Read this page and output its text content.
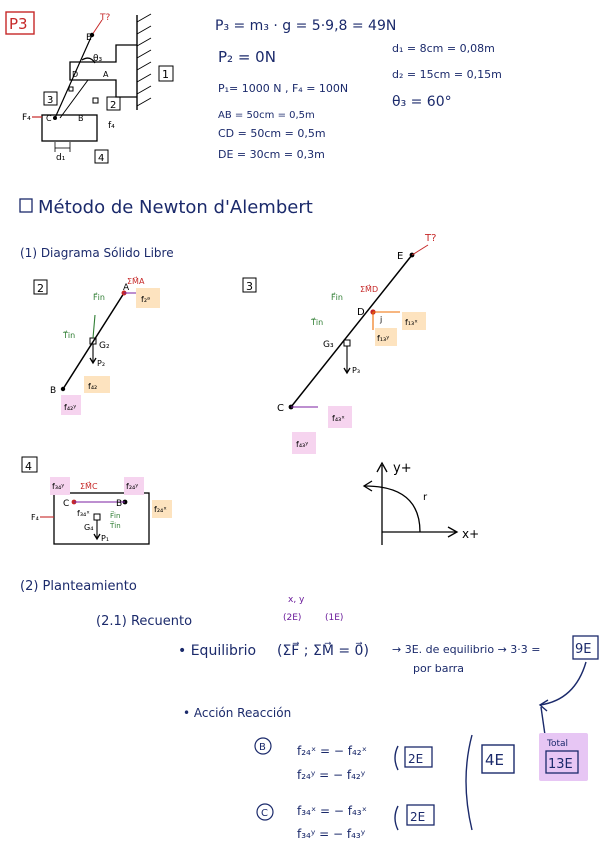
P3
E
T?
D	A
B
C
θ₃
F₄
d₁
f₄
1
2
3
4
P₃ = m₃ · g = 5·9,8 = 49N
P₂ = 0N
P₁= 1000 N , F₄ = 100N
AB = 50cm = 0,5m
CD = 50cm = 0,5m
DE = 30cm = 0,3m
d₁ = 8cm = 0,08m
d₂ = 15cm = 0,15m
θ₃ = 60°
Método de Newton d'Alembert
(1) Diagrama Sólido Libre
2	A
B
G₂
P₂
F⃗in
T⃗in
ΣM⃗A
f₂ᵃ
f₄₂
f₄₂ʸ
3
E
D
C
G₃
P₃
T?
F⃗in
T⃗in
ΣM⃗D
f₁₃ˣ
f₁₃ʸ
j
f₄₃ˣ
f₄₃ʸ
4
C	B
G₄
P₁
F₄
ΣM⃗C
F⃗in
T⃗in
f₃₄ʸ	f₂₄ʸ
f₂₄ˣ
f₃₄ˣ
y+
x+
r
(2) Planteamiento
(2.1) Recuento
x, y
(2E)	(1E)
• Equilibrio (ΣF⃗ ; ΣM⃗ = 0⃗) → 3E. de equilibrio → 3·3 =	9E
por barra
• Acción Reacción
B	f₂₄ˣ = − f₄₂ˣ
f₂₄ʸ = − f₄₂ʸ
2E
C f₃₄ˣ = − f₄₃ˣ
f₃₄ʸ = − f₄₃ʸ
2E
4E
Total
13E
